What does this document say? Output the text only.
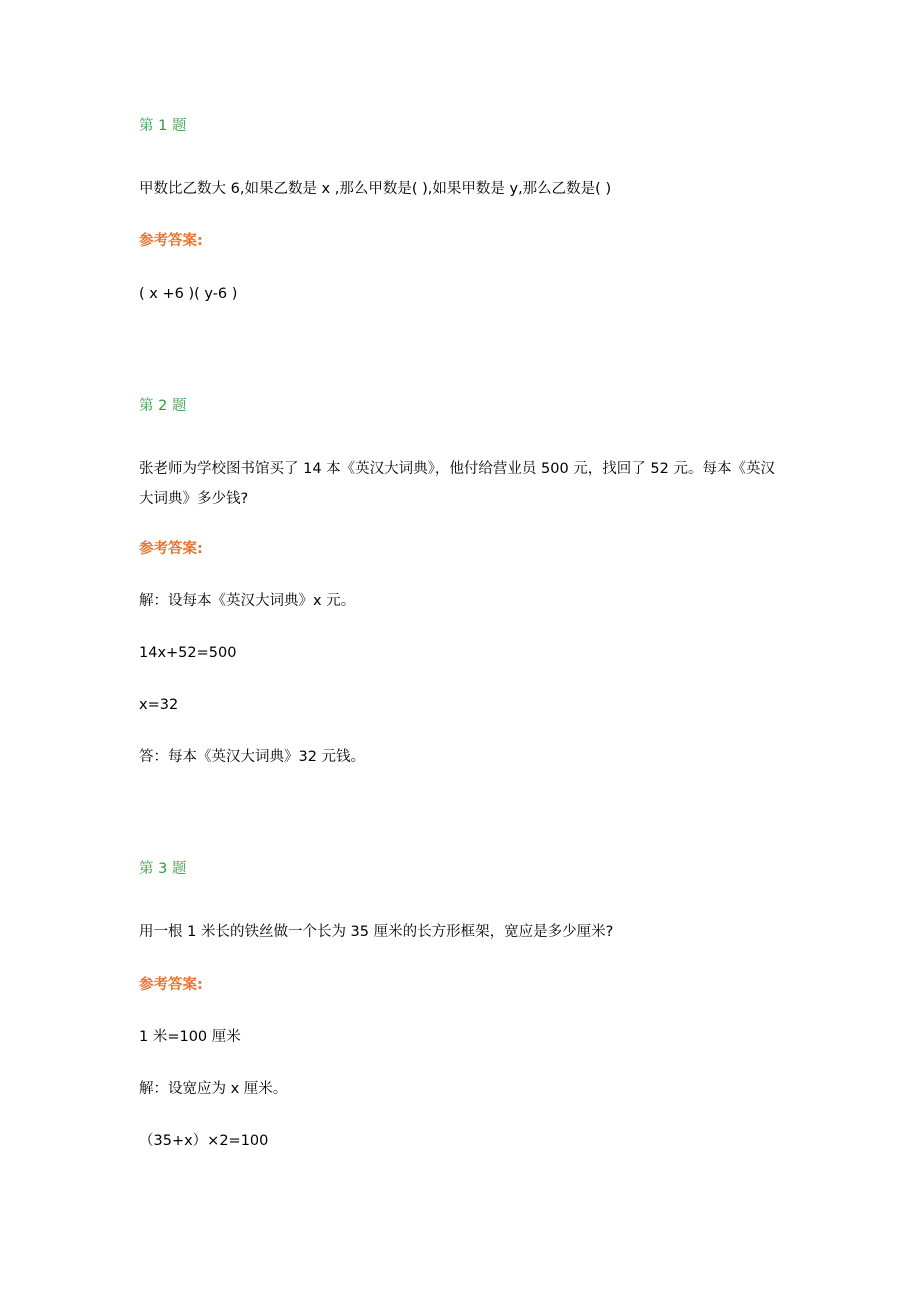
第 1 题

甲数比乙数大 6,如果乙数是 x ,那么甲数是( ),如果甲数是 y,那么乙数是( )

参考答案:

( x +6 )( y-6 )

第 2 题

张老师为学校图书馆买了 14 本《英汉大词典》，他付给营业员 500 元，找回了 52 元。每本《英汉大词典》多少钱?

参考答案:

解：设每本《英汉大词典》x 元。

14x+52=500

x=32

答：每本《英汉大词典》32 元钱。

第 3 题

用一根 1 米长的铁丝做一个长为 35 厘米的长方形框架，宽应是多少厘米?

参考答案:

1 米=100 厘米

解：设宽应为 x 厘米。

（35+x）×2=100
